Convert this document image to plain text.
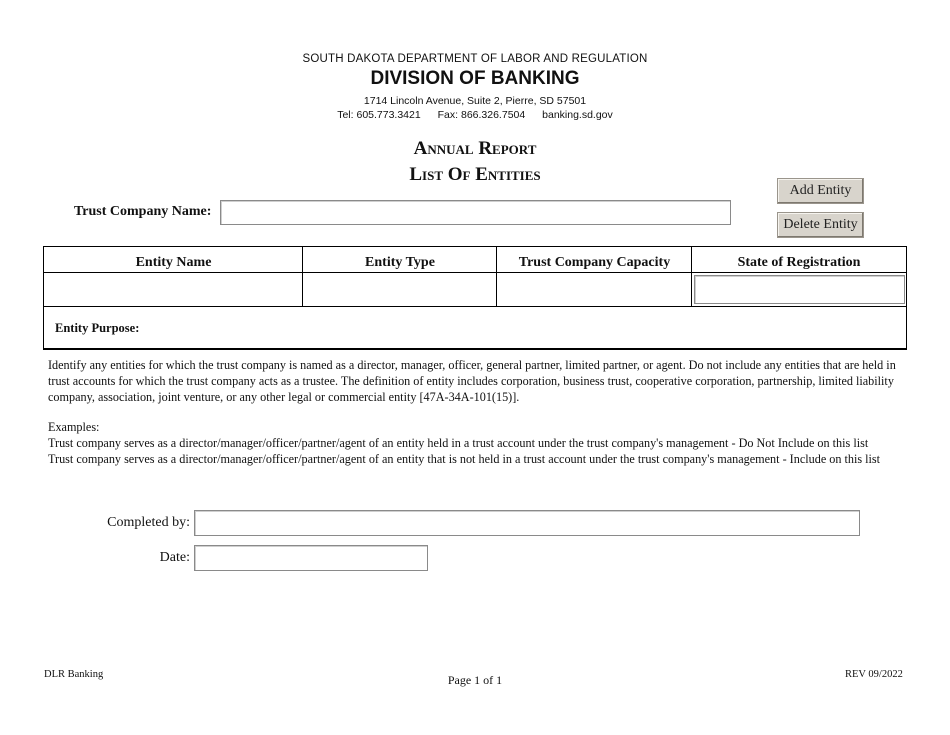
SOUTH DAKOTA DEPARTMENT OF LABOR AND REGULATION
DIVISION OF BANKING
1714 Lincoln Avenue, Suite 2, Pierre, SD 57501
Tel: 605.773.3421 Fax: 866.326.7504 banking.sd.gov
Annual Report
List Of Entities
Add Entity
Delete Entity
Trust Company Name:
Entity Name	Entity Type	Trust Company Capacity	State of Registration
Entity Purpose:
Identify any entities for which the trust company is named as a director, manager, officer, general partner, limited partner, or agent. Do not include any entities that are held in trust accounts for which the trust company acts as a trustee. The definition of entity includes corporation, business trust, cooperative corporation, partnership, limited liability company, association, joint venture, or any other legal or commercial entity [47A-34A-101(15)].
Examples:
Trust company serves as a director/manager/officer/partner/agent of an entity held in a trust account under the trust company's management - Do Not Include on this list
Trust company serves as a director/manager/officer/partner/agent of an entity that is not held in a trust account under the trust company's management - Include on this list
Completed by:
Date:
DLR Banking	Page 1 of 1	REV 09/2022
